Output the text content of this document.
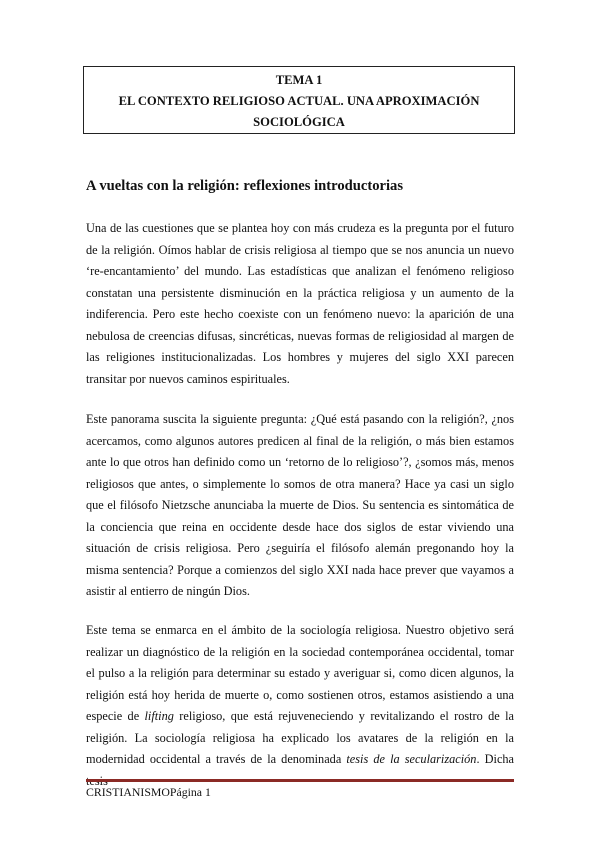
TEMA 1
EL CONTEXTO RELIGIOSO ACTUAL. UNA APROXIMACIÓN
SOCIOLÓGICA
A vueltas con la religión: reflexiones introductorias

Una de las cuestiones que se plantea hoy con más crudeza es la pregunta por el futuro de la religión. Oímos hablar de crisis religiosa al tiempo que se nos anuncia un nuevo ‘re-encantamiento’ del mundo. Las estadísticas que analizan el fenómeno religioso constatan una persistente disminución en la práctica religiosa y un aumento de la indiferencia. Pero este hecho coexiste con un fenómeno nuevo: la aparición de una nebulosa de creencias difusas, sincréticas, nuevas formas de religiosidad al margen de las religiones institucionalizadas. Los hombres y mujeres del siglo XXI parecen transitar por nuevos caminos espirituales.

Este panorama suscita la siguiente pregunta: ¿Qué está pasando con la religión?, ¿nos acercamos, como algunos autores predicen al final de la religión, o más bien estamos ante lo que otros han definido como un ‘retorno de lo religioso’?, ¿somos más, menos religiosos que antes, o simplemente lo somos de otra manera? Hace ya casi un siglo que el filósofo Nietzsche anunciaba la muerte de Dios. Su sentencia es sintomática de la conciencia que reina en occidente desde hace dos siglos de estar viviendo una situación de crisis religiosa. Pero ¿seguiría el filósofo alemán pregonando hoy la misma sentencia? Porque a comienzos del siglo XXI nada hace prever que vayamos a asistir al entierro de ningún Dios.

Este tema se enmarca en el ámbito de la sociología religiosa. Nuestro objetivo será realizar un diagnóstico de la religión en la sociedad contemporánea occidental, tomar el pulso a la religión para determinar su estado y averiguar si, como dicen algunos, la religión está hoy herida de muerte o, como sostienen otros, estamos asistiendo a una especie de lifting religioso, que está rejuveneciendo y revitalizando el rostro de la religión. La sociología religiosa ha explicado los avatares de la religión en la modernidad occidental a través de la denominada tesis de la secularización. Dicha

CRISTIANISMOPágina 1
